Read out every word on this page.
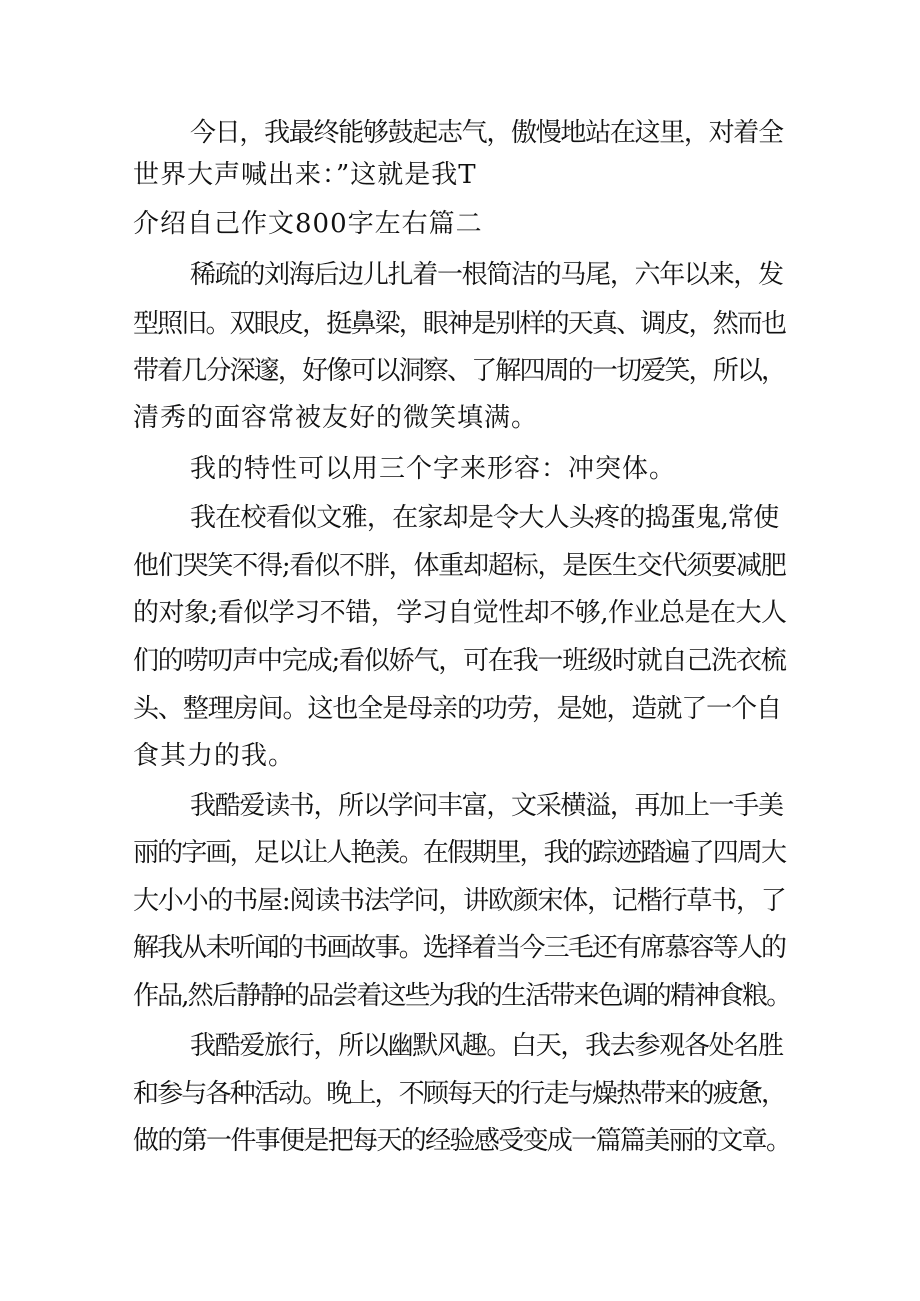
今日，我最终能够鼓起志气，傲慢地站在这里，对着全
世界大声喊出来：”这就是我T
介绍自己作文800字左右篇二
稀疏的刘海后边儿扎着一根简洁的马尾，六年以来，发
型照旧。双眼皮，挺鼻梁，眼神是别样的天真、调皮，然而也
带着几分深邃，好像可以洞察、了解四周的一切爱笑，所以，
清秀的面容常被友好的微笑填满。
我的特性可以用三个字来形容：冲突体。
我在校看似文雅，在家却是令大人头疼的捣蛋鬼,常使
他们哭笑不得;看似不胖，体重却超标，是医生交代须要减肥
的对象;看似学习不错，学习自觉性却不够,作业总是在大人
们的唠叨声中完成;看似娇气，可在我一班级时就自己洗衣梳
头、整理房间。这也全是母亲的功劳，是她，造就了一个自
食其力的我。
我酷爱读书，所以学问丰富，文采横溢，再加上一手美
丽的字画，足以让人艳羡。在假期里，我的踪迹踏遍了四周大
大小小的书屋:阅读书法学问，讲欧颜宋体，记楷行草书，了
解我从未听闻的书画故事。选择着当今三毛还有席慕容等人的
作品,然后静静的品尝着这些为我的生活带来色调的精神食粮。
我酷爱旅行，所以幽默风趣。白天，我去参观各处名胜
和参与各种活动。晚上，不顾每天的行走与燥热带来的疲惫，
做的第一件事便是把每天的经验感受变成一篇篇美丽的文章。
